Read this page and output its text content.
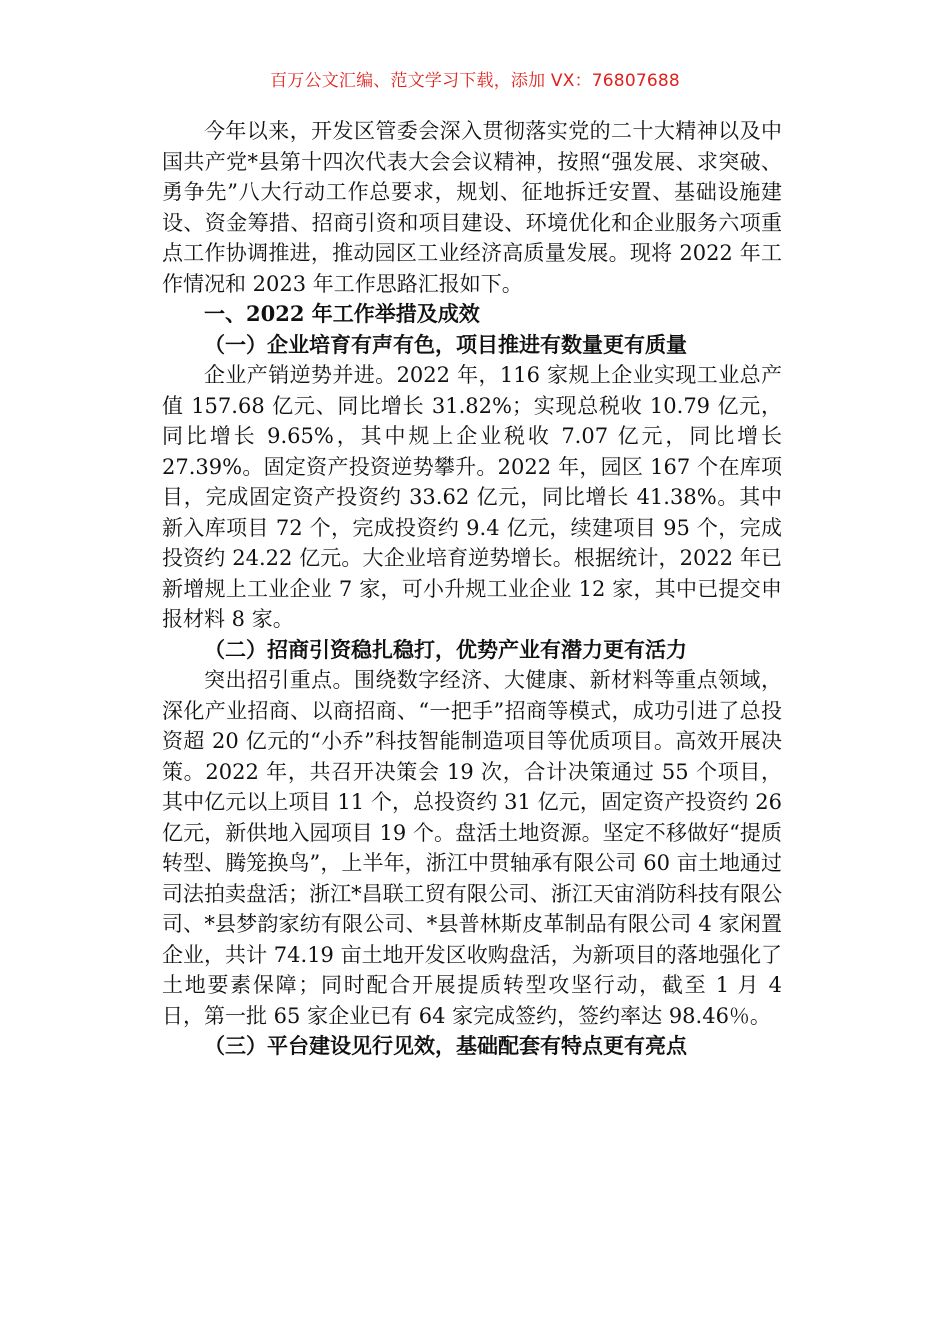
百万公文汇编、范文学习下载，添加 VX：76807688

今年以来，开发区管委会深入贯彻落实党的二十大精神以及中国共产党*县第十四次代表大会会议精神，按照“强发展、求突破、勇争先”八大行动工作总要求，规划、征地拆迁安置、基础设施建设、资金筹措、招商引资和项目建设、环境优化和企业服务六项重点工作协调推进，推动园区工业经济高质量发展。现将 2022 年工作情况和 2023 年工作思路汇报如下。

一、2022 年工作举措及成效

（一）企业培育有声有色，项目推进有数量更有质量

企业产销逆势并进。2022 年，116 家规上企业实现工业总产值 157.68 亿元、同比增长 31.82%；实现总税收 10.79 亿元，同比增长 9.65%，其中规上企业税收 7.07 亿元，同比增长 27.39%。固定资产投资逆势攀升。2022 年，园区 167 个在库项目，完成固定资产投资约 33.62 亿元，同比增长 41.38%。其中新入库项目 72 个，完成投资约 9.4 亿元，续建项目 95 个，完成投资约 24.22 亿元。大企业培育逆势增长。根据统计，2022 年已新增规上工业企业 7 家，可小升规工业企业 12 家，其中已提交申报材料 8 家。

（二）招商引资稳扎稳打，优势产业有潜力更有活力

突出招引重点。围绕数字经济、大健康、新材料等重点领域，深化产业招商、以商招商、“一把手”招商等模式，成功引进了总投资超 20 亿元的“小乔”科技智能制造项目等优质项目。高效开展决策。2022 年，共召开决策会 19 次，合计决策通过 55 个项目，其中亿元以上项目 11 个，总投资约 31 亿元，固定资产投资约 26 亿元，新供地入园项目 19 个。盘活土地资源。坚定不移做好“提质转型、腾笼换鸟”，上半年，浙江中贯轴承有限公司 60 亩土地通过司法拍卖盘活；浙江*昌联工贸有限公司、浙江天宙消防科技有限公司、*县梦韵家纺有限公司、*县普林斯皮革制品有限公司 4 家闲置企业，共计 74.19 亩土地开发区收购盘活，为新项目的落地强化了土地要素保障；同时配合开展提质转型攻坚行动，截至 1 月 4 日，第一批 65 家企业已有 64 家完成签约，签约率达 98.46％。

（三）平台建设见行见效，基础配套有特点更有亮点
